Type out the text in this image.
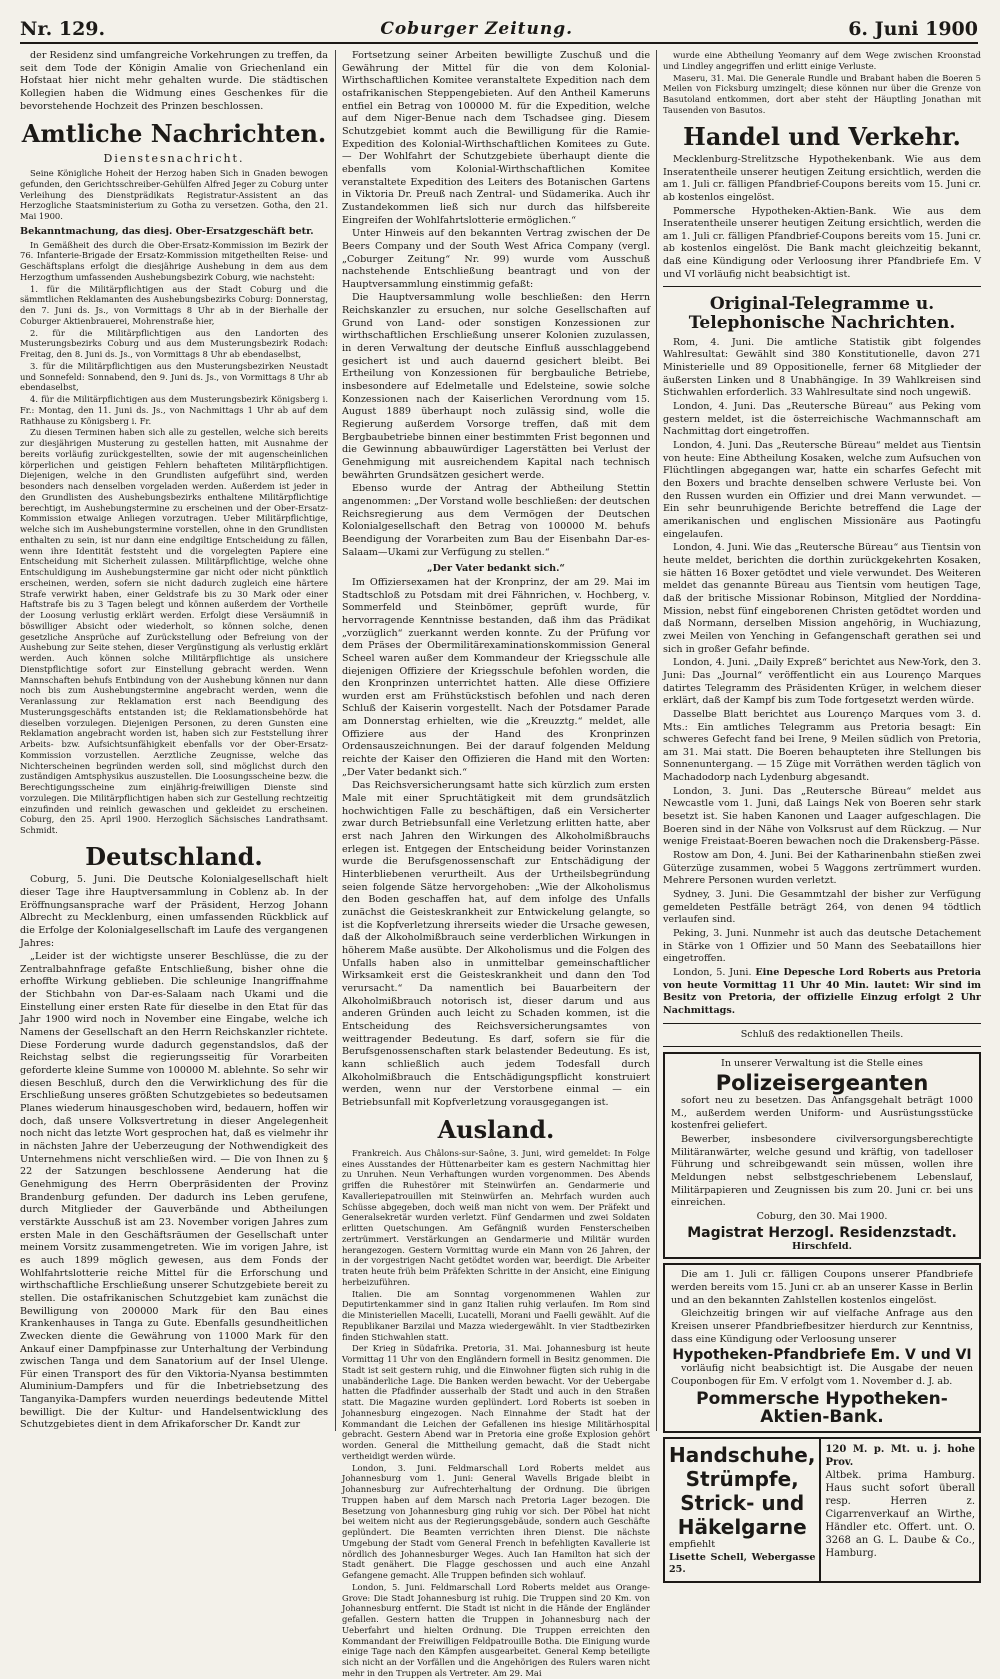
Nr. 129.	Coburger Zeitung.	6. Juni 1900

der Residenz sind umfangreiche Vorkehrungen zu treffen, da seit dem Tode der Königin Amalie von Griechenland ein Hofstaat hier nicht mehr gehalten wurde. Die städtischen Kollegien haben die Widmung eines Geschenkes für die bevorstehende Hochzeit des Prinzen beschlossen.

Amtliche Nachrichten.
Dienstesnachricht.

Seine Königliche Hoheit der Herzog haben Sich in Gnaden bewogen gefunden, den Gerichtsschreiber-Gehülfen Alfred Jeger zu Coburg unter Verleihung des Dienstprädikats Registratur-Assistent an das Herzogliche Staatsministerium zu Gotha zu versetzen. Gotha, den 21. Mai 1900.

Bekanntmachung, das diesj. Ober-Ersatzgeschäft betr.

In Gemäßheit des durch die Ober-Ersatz-Kommission im Bezirk der 76. Infanterie-Brigade der Ersatz-Kommission mitgetheilten Reise- und Geschäftsplans erfolgt die diesjährige Aushebung in dem aus dem Herzogthum umfassenden Aushebungsbezirk Coburg, wie nachsteht:

1. für die Militärpflichtigen aus der Stadt Coburg und die sämmtlichen Reklamanten des Aushebungsbezirks Coburg: Donnerstag, den 7. Juni ds. Js., von Vormittags 8 Uhr ab in der Bierhalle der Coburger Aktienbrauerei, Mohrenstraße hier,

2. für die Militärpflichtigen aus den Landorten des Musterungsbezirks Coburg und aus dem Musterungsbezirk Rodach: Freitag, den 8. Juni ds. Js., von Vormittags 8 Uhr ab ebendaselbst,

3. für die Militärpflichtigen aus den Musterungsbezirken Neustadt und Sonnefeld: Sonnabend, den 9. Juni ds. Js., von Vormittags 8 Uhr ab ebendaselbst,

4. für die Militärpflichtigen aus dem Musterungsbezirk Königsberg i. Fr.: Montag, den 11. Juni ds. Js., von Nachmittags 1 Uhr ab auf dem Rathhause zu Königsberg i. Fr.

Zu diesen Terminen haben sich alle zu gestellen, welche sich bereits zur diesjährigen Musterung zu gestellen hatten, mit Ausnahme der bereits vorläufig zurückgestellten, sowie der mit augenscheinlichen körperlichen und geistigen Fehlern behafteten Militärpflichtigen. Diejenigen, welche in den Grundlisten aufgeführt sind, werden besonders nach denselben vorgeladen werden. Außerdem ist jeder in den Grundlisten des Aushebungsbezirks enthaltene Militärpflichtige berechtigt, im Aushebungstermine zu erscheinen und der Ober-Ersatz-Kommission etwaige Anliegen vorzutragen. Ueber Militärpflichtige, welche sich im Aushebungstermine vorstellen, ohne in den Grundlisten enthalten zu sein, ist nur dann eine endgiltige Entscheidung zu fällen, wenn ihre Identität feststeht und die vorgelegten Papiere eine Entscheidung mit Sicherheit zulassen. Militärpflichtige, welche ohne Entschuldigung im Aushebungstermine gar nicht oder nicht pünktlich erscheinen, werden, sofern sie nicht dadurch zugleich eine härtere Strafe verwirkt haben, einer Geldstrafe bis zu 30 Mark oder einer Haftstrafe bis zu 3 Tagen belegt und können außerdem der Vortheile der Loosung verlustig erklärt werden. Erfolgt diese Versäumniß in böswilliger Absicht oder wiederholt, so können solche, denen gesetzliche Ansprüche auf Zurückstellung oder Befreiung von der Aushebung zur Seite stehen, dieser Vergünstigung als verlustig erklärt werden. Auch können solche Militärpflichtige als unsichere Dienstpflichtige sofort zur Einstellung gebracht werden. Wenn Mannschaften behufs Entbindung von der Aushebung können nur dann noch bis zum Aushebungstermine angebracht werden, wenn die Veranlassung zur Reklamation erst nach Beendigung des Musterungsgeschäfts entstanden ist; die Reklamationsbehörde hat dieselben vorzulegen. Diejenigen Personen, zu deren Gunsten eine Reklamation angebracht worden ist, haben sich zur Feststellung ihrer Arbeits- bzw. Aufsichtsunfähigkeit ebenfalls vor der Ober-Ersatz-Kommission vorzustellen. Aerztliche Zeugnisse, welche das Nichterscheinen begründen werden soll, sind möglichst durch den zuständigen Amtsphysikus auszustellen. Die Loosungsscheine bezw. die Berechtigungsscheine zum einjährig-freiwilligen Dienste sind vorzulegen. Die Militärpflichtigen haben sich zur Gestellung rechtzeitig einzufinden und reinlich gewaschen und gekleidet zu erscheinen. Coburg, den 25. April 1900. Herzoglich Sächsisches Landrathsamt. Schmidt.

Deutschland.

Coburg, 5. Juni. Die Deutsche Kolonialgesellschaft hielt dieser Tage ihre Hauptversammlung in Coblenz ab. In der Eröffnungsansprache warf der Präsident, Herzog Johann Albrecht zu Mecklenburg, einen umfassenden Rückblick auf die Erfolge der Kolonialgesellschaft im Laufe des vergangenen Jahres:

„Leider ist der wichtigste unserer Beschlüsse, die zu der Zentralbahnfrage gefaßte Entschließung, bisher ohne die erhoffte Wirkung geblieben. Die schleunige Inangriffnahme der Stichbahn von Dar-es-Salaam nach Ukami und die Einstellung einer ersten Rate für dieselbe in den Etat für das Jahr 1900 wird noch in November eine Eingabe, welche ich Namens der Gesellschaft an den Herrn Reichskanzler richtete. Diese Forderung wurde dadurch gegenstandslos, daß der Reichstag selbst die regierungsseitig für Vorarbeiten geforderte kleine Summe von 100000 M. ablehnte. So sehr wir diesen Beschluß, durch den die Verwirklichung des für die Erschließung unseres größten Schutzgebietes so bedeutsamen Planes wiederum hinausgeschoben wird, bedauern, hoffen wir doch, daß unsere Volksvertretung in dieser Angelegenheit noch nicht das letzte Wort gesprochen hat, daß es vielmehr ihr in nächsten Jahre der Ueberzeugung der Nothwendigkeit des Unternehmens nicht verschließen wird. — Die von Ihnen zu § 22 der Satzungen beschlossene Aenderung hat die Genehmigung des Herrn Oberpräsidenten der Provinz Brandenburg gefunden. Der dadurch ins Leben gerufene, durch Mitglieder der Gauverbände und Abtheilungen verstärkte Ausschuß ist am 23. November vorigen Jahres zum ersten Male in den Geschäftsräumen der Gesellschaft unter meinem Vorsitz zusammengetreten. Wie im vorigen Jahre, ist es auch 1899 möglich gewesen, aus dem Fonds der Wohlfahrtslotterie reiche Mittel für die Erforschung und wirthschaftliche Erschließung unserer Schutzgebiete bereit zu stellen. Die ostafrikanischen Schutzgebiet kam zunächst die Bewilligung von 200000 Mark für den Bau eines Krankenhauses in Tanga zu Gute. Ebenfalls gesundheitlichen Zwecken diente die Gewährung von 11000 Mark für den Ankauf einer Dampfpinasse zur Unterhaltung der Verbindung zwischen Tanga und dem Sanatorium auf der Insel Ulenge. Für einen Transport des für den Viktoria-Nyansa bestimmten Aluminium-Dampfers und für die Inbetriebsetzung des Tanganyika-Dampfers wurden neuerdings bedeutende Mittel bewilligt. Die der Kultur- und Handelsentwicklung des Schutzgebietes dient in dem Afrikaforscher Dr. Kandt zur

Fortsetzung seiner Arbeiten bewilligte Zuschuß und die Gewährung der Mittel für die von dem Kolonial-Wirthschaftlichen Komitee veranstaltete Expedition nach dem ostafrikanischen Steppengebieten. Auf den Antheil Kameruns entfiel ein Betrag von 100000 M. für die Expedition, welche auf dem Niger-Benue nach dem Tschadsee ging. Diesem Schutzgebiet kommt auch die Bewilligung für die Ramie-Expedition des Kolonial-Wirthschaftlichen Komitees zu Gute. — Der Wohlfahrt der Schutzgebiete überhaupt diente die ebenfalls vom Kolonial-Wirthschaftlichen Komitee veranstaltete Expedition des Leiters des Botanischen Gartens in Viktoria Dr. Preuß nach Zentral- und Südamerika. Auch ihr Zustandekommen ließ sich nur durch das hilfsbereite Eingreifen der Wohlfahrtslotterie ermöglichen.“

Unter Hinweis auf den bekannten Vertrag zwischen der De Beers Company und der South West Africa Company (vergl. „Coburger Zeitung“ Nr. 99) wurde vom Ausschuß nachstehende Entschließung beantragt und von der Hauptversammlung einstimmig gefaßt:

Die Hauptversammlung wolle beschließen: den Herrn Reichskanzler zu ersuchen, nur solche Gesellschaften auf Grund von Land- oder sonstigen Konzessionen zur wirthschaftlichen Erschließung unserer Kolonien zuzulassen, in deren Verwaltung der deutsche Einfluß ausschlaggebend gesichert ist und auch dauernd gesichert bleibt. Bei Ertheilung von Konzessionen für bergbauliche Betriebe, insbesondere auf Edelmetalle und Edelsteine, sowie solche Konzessionen nach der Kaiserlichen Verordnung vom 15. August 1889 überhaupt noch zulässig sind, wolle die Regierung außerdem Vorsorge treffen, daß mit dem Bergbaubetriebe binnen einer bestimmten Frist begonnen und die Gewinnung abbauwürdiger Lagerstätten bei Verlust der Genehmigung mit ausreichendem Kapital nach technisch bewährten Grundsätzen gesichert werde.

Ebenso wurde der Antrag der Abtheilung Stettin angenommen: „Der Vorstand wolle beschließen: der deutschen Reichsregierung aus dem Vermögen der Deutschen Kolonialgesellschaft den Betrag von 100000 M. behufs Beendigung der Vorarbeiten zum Bau der Eisenbahn Dar-es-Salaam—Ukami zur Verfügung zu stellen.“

„Der Vater bedankt sich.“

Im Offiziersexamen hat der Kronprinz, der am 29. Mai im Stadtschloß zu Potsdam mit drei Fähnrichen, v. Hochberg, v. Sommerfeld und Steinbömer, geprüft wurde, für hervorragende Kenntnisse bestanden, daß ihm das Prädikat „vorzüglich“ zuerkannt werden konnte. Zu der Prüfung vor dem Präses der Obermilitärexaminationskommission General Scheel waren außer dem Kommandeur der Kriegsschule alle diejenigen Offiziere der Kriegsschule befohlen worden, die den Kronprinzen unterrichtet hatten. Alle diese Offiziere wurden erst am Frühstückstisch befohlen und nach deren Schluß der Kaiserin vorgestellt. Nach der Potsdamer Parade am Donnerstag erhielten, wie die „Kreuzztg.“ meldet, alle Offiziere aus der Hand des Kronprinzen Ordensauszeichnungen. Bei der darauf folgenden Meldung reichte der Kaiser den Offizieren die Hand mit den Worten: „Der Vater bedankt sich.“

Das Reichsversicherungsamt hatte sich kürzlich zum ersten Male mit einer Spruchtätigkeit mit dem grundsätzlich hochwichtigen Falle zu beschäftigen, daß ein Versicherter zwar durch Betriebsunfall eine Verletzung erlitten hatte, aber erst nach Jahren den Wirkungen des Alkoholmißbrauchs erlegen ist. Entgegen der Entscheidung beider Vorinstanzen wurde die Berufsgenossenschaft zur Entschädigung der Hinterbliebenen verurtheilt. Aus der Urtheilsbegründung seien folgende Sätze hervorgehoben: „Wie der Alkoholismus den Boden geschaffen hat, auf dem infolge des Unfalls zunächst die Geisteskrankheit zur Entwickelung gelangte, so ist die Kopfverletzung ihrerseits wieder die Ursache gewesen, daß der Alkoholmißbrauch seine verderblichen Wirkungen in höherem Maße ausübte. Der Alkoholismus und die Folgen des Unfalls haben also in unmittelbar gemeinschaftlicher Wirksamkeit erst die Geisteskrankheit und dann den Tod verursacht.“ Da namentlich bei Bauarbeitern der Alkoholmißbrauch notorisch ist, dieser darum und aus anderen Gründen auch leicht zu Schaden kommen, ist die Entscheidung des Reichsversicherungsamtes von weittragender Bedeutung. Es darf, sofern sie für die Berufsgenossenschaften stark belastender Bedeutung. Es ist, kann schließlich auch jedem Todesfall durch Alkoholmißbrauch die Entschädigungspflicht konstruiert werden, wenn nur der Verstorbene einmal — ein Betriebsunfall mit Kopfverletzung vorausgegangen ist.

Ausland.

Frankreich. Aus Châlons-sur-Saône, 3. Juni, wird gemeldet: In Folge eines Ausstandes der Hüttenarbeiter kam es gestern Nachmittag hier zu Unruhen. Neun Verhaftungen wurden vorgenommen. Des Abends griffen die Ruhestörer mit Steinwürfen an. Gendarmerie und Kavalleriepatrouillen mit Steinwürfen an. Mehrfach wurden auch Schüsse abgegeben, doch weiß man nicht von wem. Der Präfekt und Generalsekretär wurden verletzt. Fünf Gendarmen und zwei Soldaten erlitten Quetschungen. Am Gefängniß wurden Fensterscheiben zertrümmert. Verstärkungen an Gendarmerie und Militär wurden herangezogen. Gestern Vormittag wurde ein Mann von 26 Jahren, der in der vorgestrigen Nacht getödtet worden war, beerdigt. Die Arbeiter traten heute früh beim Präfekten Schritte in der Ansicht, eine Einigung herbeizuführen.

Italien. Die am Sonntag vorgenommenen Wahlen zur Deputirtenkammer sind in ganz Italien ruhig verlaufen. Im Rom sind die Ministeriellen Macelli, Lucatelli, Morani und Faelli gewählt. Auf die Republikaner Barzilai und Mazza wiedergewählt. In vier Stadtbezirken finden Stichwahlen statt.

Der Krieg in Südafrika. Pretoria, 31. Mai. Johannesburg ist heute Vormittag 11 Uhr von den Engländern formell in Besitz genommen. Die Stadt ist seit gestern ruhig, und die Einwohner fügten sich ruhig in die unabänderliche Lage. Die Banken werden bewacht. Vor der Uebergabe hatten die Pfadfinder ausserhalb der Stadt und auch in den Straßen statt. Die Magazine wurden geplündert. Lord Roberts ist soeben in Johannesburg eingezogen. Nach Einnahme der Stadt hat der Kommandant die Leichen der Gefallenen ins hiesige Militärhospital gebracht. Gestern Abend war in Pretoria eine große Explosion gehört worden. General die Mittheilung gemacht, daß die Stadt nicht vertheidigt werden würde.

London, 3. Juni. Feldmarschall Lord Roberts meldet aus Johannesburg vom 1. Juni: General Wavells Brigade bleibt in Johannesburg zur Aufrechterhaltung der Ordnung. Die übrigen Truppen haben auf dem Marsch nach Pretoria Lager bezogen. Die Besetzung von Johannesburg ging ruhig vor sich. Der Pöbel hat nicht bei weitem nicht aus der Regierungsgebäude, sondern auch Geschäfte geplündert. Die Beamten verrichten ihren Dienst. Die nächste Umgebung der Stadt vom General French in befehligten Kavallerie ist nördlich des Johannesburger Weges. Auch Ian Hamilton hat sich der Stadt genähert. Die Flagge geschossen und auch eine Anzahl Gefangene gemacht. Alle Truppen befinden sich wohlauf.

London, 5. Juni. Feldmarschall Lord Roberts meldet aus Orange-Grove: Die Stadt Johannesburg ist ruhig. Die Truppen sind 20 Km. von Johannesburg entfernt. Die Stadt ist nicht in die Hände der Engländer gefallen. Gestern hatten die Truppen in Johannesburg nach der Ueberfahrt und hielten Ordnung. Die Truppen erreichten den Kommandant der Freiwilligen Feldpatrouille Botha. Die Einigung wurde einige Tage nach den Kämpfen ausgearbeitet. General Kemp beteiligte sich nicht an der Vorfällen und die Angehörigen des Rulers waren nicht mehr in den Truppen als Vertreter. Am 29. Mai

wurde eine Abtheilung Yeomanry auf dem Wege zwischen Kroonstad und Lindley angegriffen und erlitt einige Verluste.

Maseru, 31. Mai. Die Generale Rundle und Brabant haben die Boeren 5 Meilen von Ficksburg umzingelt; diese können nur über die Grenze von Basutoland entkommen, dort aber steht der Häuptling Jonathan mit Tausenden von Basutos.

Handel und Verkehr.

Mecklenburg-Strelitzsche Hypothekenbank. Wie aus dem Inseratentheile unserer heutigen Zeitung ersichtlich, werden die am 1. Juli cr. fälligen Pfandbrief-Coupons bereits vom 15. Juni cr. ab kostenlos eingelöst.

Pommersche Hypotheken-Aktien-Bank. Wie aus dem Inseratentheile unserer heutigen Zeitung ersichtlich, werden die am 1. Juli cr. fälligen Pfandbrief-Coupons bereits vom 15. Juni cr. ab kostenlos eingelöst. Die Bank macht gleichzeitig bekannt, daß eine Kündigung oder Verloosung ihrer Pfandbriefe Em. V und VI vorläufig nicht beabsichtigt ist.

Original-Telegramme u. Telephonische Nachrichten.

Rom, 4. Juni. Die amtliche Statistik gibt folgendes Wahlresultat: Gewählt sind 380 Konstitutionelle, davon 271 Ministerielle und 89 Oppositionelle, ferner 68 Mitglieder der äußersten Linken und 8 Unabhängige. In 39 Wahlkreisen sind Stichwahlen erforderlich. 33 Wahlresultate sind noch ungewiß.

London, 4. Juni. Das „Reutersche Büreau“ aus Peking vom gestern meldet, ist die österreichische Wachmannschaft am Nachmittag dort eingetroffen.

London, 4. Juni. Das „Reutersche Büreau“ meldet aus Tientsin von heute: Eine Abtheilung Kosaken, welche zum Aufsuchen von Flüchtlingen abgegangen war, hatte ein scharfes Gefecht mit den Boxers und brachte denselben schwere Verluste bei. Von den Russen wurden ein Offizier und drei Mann verwundet. — Ein sehr beunruhigende Berichte betreffend die Lage der amerikanischen und englischen Missionäre aus Paotingfu eingelaufen.

London, 4. Juni. Wie das „Reutersche Büreau“ aus Tientsin von heute meldet, berichten die dorthin zurückgekehrten Kosaken, sie hätten 16 Boxer getödtet und viele verwundet. Des Weiteren meldet das genannte Büreau aus Tientsin vom heutigen Tage, daß der britische Missionar Robinson, Mitglied der Norddina-Mission, nebst fünf eingeborenen Christen getödtet worden und daß Normann, derselben Mission angehörig, in Wuchiazung, zwei Meilen von Yenching in Gefangenschaft gerathen sei und sich in großer Gefahr befinde.

London, 4. Juni. „Daily Expreß“ berichtet aus New-York, den 3. Juni: Das „Journal“ veröffentlicht ein aus Lourenço Marques datirtes Telegramm des Präsidenten Krüger, in welchem dieser erklärt, daß der Kampf bis zum Tode fortgesetzt werden würde.

Dasselbe Blatt berichtet aus Lourenço Marques vom 3. d. Mts.: Ein amtliches Telegramm aus Pretoria besagt: Ein schweres Gefecht fand bei Irene, 9 Meilen südlich von Pretoria, am 31. Mai statt. Die Boeren behaupteten ihre Stellungen bis Sonnenuntergang. — 15 Züge mit Vorräthen werden täglich von Machadodorp nach Lydenburg abgesandt.

London, 3. Juni. Das „Reutersche Büreau“ meldet aus Newcastle vom 1. Juni, daß Laings Nek von Boeren sehr stark besetzt ist. Sie haben Kanonen und Laager aufgeschlagen. Die Boeren sind in der Nähe von Volksrust auf dem Rückzug. — Nur wenige Freistaat-Boeren bewachen noch die Drakensberg-Pässe.

Rostow am Don, 4. Juni. Bei der Katharinenbahn stießen zwei Güterzüge zusammen, wobei 5 Waggons zertrümmert wurden. Mehrere Personen wurden verletzt.

Sydney, 3. Juni. Die Gesammtzahl der bisher zur Verfügung gemeldeten Pestfälle beträgt 264, von denen 94 tödtlich verlaufen sind.

Peking, 3. Juni. Nunmehr ist auch das deutsche Detachement in Stärke von 1 Offizier und 50 Mann des Seebataillons hier eingetroffen.

London, 5. Juni. Eine Depesche Lord Roberts aus Pretoria von heute Vormittag 11 Uhr 40 Min. lautet: Wir sind im Besitz von Pretoria, der offizielle Einzug erfolgt 2 Uhr Nachmittags.

Schluß des redaktionellen Theils.

In unserer Verwaltung ist die Stelle eines

Polizeisergeanten

sofort neu zu besetzen. Das Anfangsgehalt beträgt 1000 M., außerdem werden Uniform- und Ausrüstungsstücke kostenfrei geliefert.

Bewerber, insbesondere civilversorgungsberechtigte Militäranwärter, welche gesund und kräftig, von tadelloser Führung und schreibgewandt sein müssen, wollen ihre Meldungen nebst selbstgeschriebenem Lebenslauf, Militärpapieren und Zeugnissen bis zum 20. Juni cr. bei uns einreichen.

Coburg, den 30. Mai 1900.

Magistrat Herzogl. Residenzstadt.
Hirschfeld.

Die am 1. Juli cr. fälligen Coupons unserer Pfandbriefe werden bereits vom 15. Juni cr. ab an unserer Kasse in Berlin und an den bekannten Zahlstellen kostenlos eingelöst.

Gleichzeitig bringen wir auf vielfache Anfrage aus den Kreisen unserer Pfandbriefbesitzer hierdurch zur Kenntniss, dass eine Kündigung oder Verloosung unserer

Hypotheken-Pfandbriefe Em. V und VI

vorläufig nicht beabsichtigt ist. Die Ausgabe der neuen Couponbogen für Em. V erfolgt vom 1. November d. J. ab.

Pommersche Hypotheken-Aktien-Bank.
Handschuhe,
Strümpfe,
Strick- und
Häkelgarne
empfiehlt
Lisette Schell, Webergasse 25.
120 M. p. Mt. u. j. hohe Prov.
Altbek. prima Hamburg. Haus sucht sofort überall resp. Herren z. Cigarrenverkauf an Wirthe, Händler etc. Offert. unt. O. 3268 an G. L. Daube & Co., Hamburg.
